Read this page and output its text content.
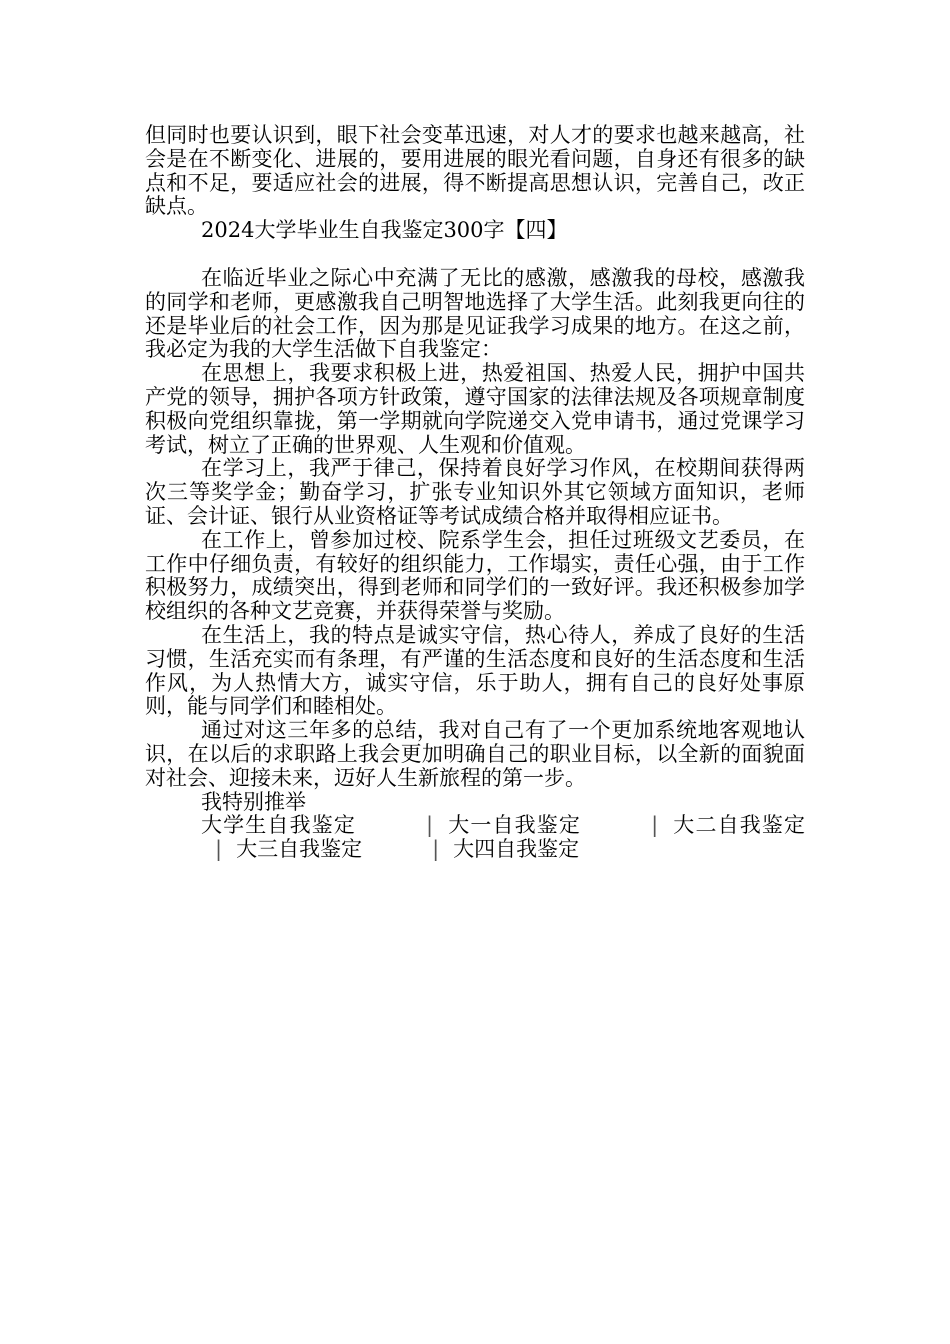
但同时也要认识到，眼下社会变革迅速，对人才的要求也越来越高，社会是在不断变化、进展的，要用进展的眼光看问题，自身还有很多的缺点和不足，要适应社会的进展，得不断提高思想认识，完善自己，改正缺点。

2024大学毕业生自我鉴定300字【四】

在临近毕业之际心中充满了无比的感激，感激我的母校，感激我的同学和老师，更感激我自己明智地选择了大学生活。此刻我更向往的还是毕业后的社会工作，因为那是见证我学习成果的地方。在这之前，我必定为我的大学生活做下自我鉴定：

在思想上，我要求积极上进，热爱祖国、热爱人民，拥护中国共产党的领导，拥护各项方针政策，遵守国家的法律法规及各项规章制度积极向党组织靠拢，第一学期就向学院递交入党申请书，通过党课学习考试，树立了正确的世界观、人生观和价值观。

在学习上，我严于律己，保持着良好学习作风，在校期间获得两次三等奖学金；勤奋学习，扩张专业知识外其它领域方面知识，老师证、会计证、银行从业资格证等考试成绩合格并取得相应证书。

在工作上，曾参加过校、院系学生会，担任过班级文艺委员，在工作中仔细负责，有较好的组织能力，工作塌实，责任心强，由于工作积极努力，成绩突出，得到老师和同学们的一致好评。我还积极参加学校组织的各种文艺竞赛，并获得荣誉与奖励。

在生活上，我的特点是诚实守信，热心待人，养成了良好的生活习惯，生活充实而有条理，有严谨的生活态度和良好的生活态度和生活作风，为人热情大方，诚实守信，乐于助人，拥有自己的良好处事原则，能与同学们和睦相处。

通过对这三年多的总结，我对自己有了一个更加系统地客观地认识，在以后的求职路上我会更加明确自己的职业目标，以全新的面貌面对社会、迎接未来，迈好人生新旅程的第一步。

我特别推举

大学生自我鉴定	| 大一自我鉴定	| 大二自我鉴定| 大三自我鉴定	| 大四自我鉴定
